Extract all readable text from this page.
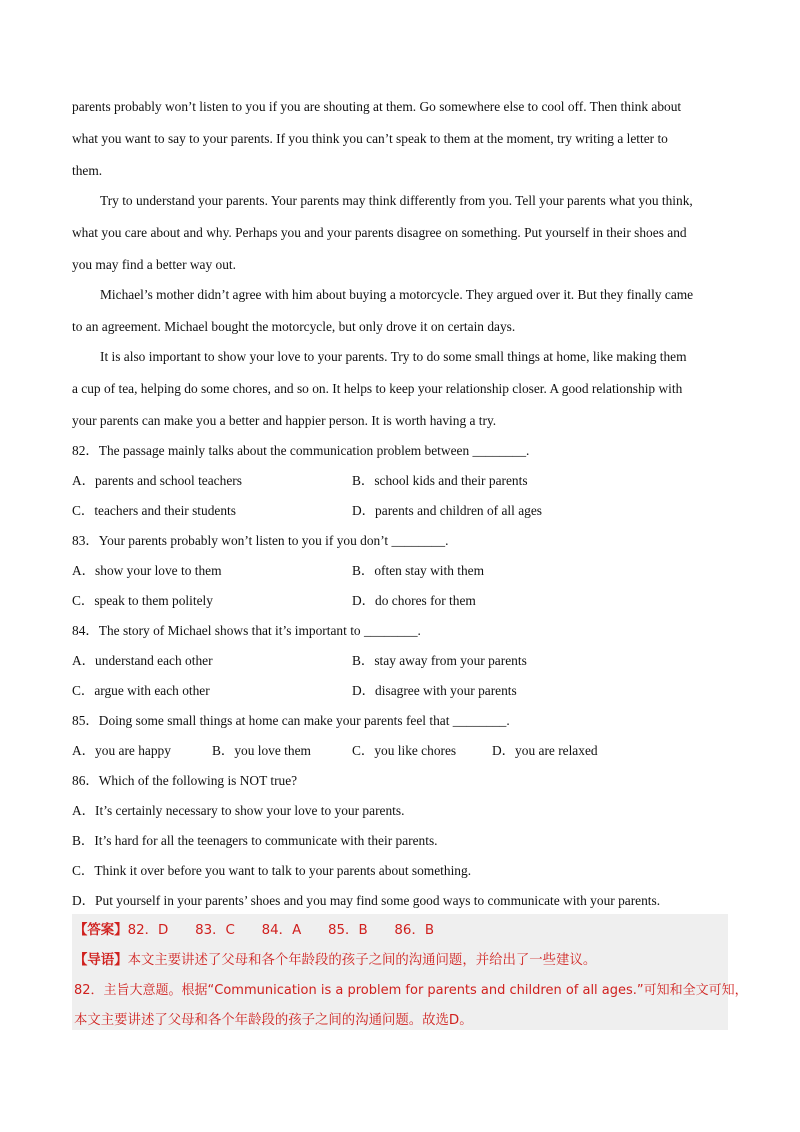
parents probably won’t listen to you if you are shouting at them. Go somewhere else to cool off. Then think about
what you want to say to your parents. If you think you can’t speak to them at the moment, try writing a letter to
them.
Try to understand your parents. Your parents may think differently from you. Tell your parents what you think,
what you care about and why. Perhaps you and your parents disagree on something. Put yourself in their shoes and
you may find a better way out.
Michael’s mother didn’t agree with him about buying a motorcycle. They argued over it. But they finally came
to an agreement. Michael bought the motorcycle, but only drove it on certain days.
It is also important to show your love to your parents. Try to do some small things at home, like making them
a cup of tea, helping do some chores, and so on. It helps to keep your relationship closer. A good relationship with
your parents can make you a better and happier person. It is worth having a try.
82．The passage mainly talks about the communication problem between ________.
A．parents and school teachers	B．school kids and their parents
C．teachers and their students	D．parents and children of all ages
83．Your parents probably won’t listen to you if you don’t ________.
A．show your love to them	B．often stay with them
C．speak to them politely	D．do chores for them
84．The story of Michael shows that it’s important to ________.
A．understand each other	B．stay away from your parents
C．argue with each other	D．disagree with your parents
85．Doing some small things at home can make your parents feel that ________.
A．you are happy	B．you love them	C．you like chores	D．you are relaxed
86．Which of the following is NOT true?
A．It’s certainly necessary to show your love to your parents.
B．It’s hard for all the teenagers to communicate with their parents.
C．Think it over before you want to talk to your parents about something.
D．Put yourself in your parents’ shoes and you may find some good ways to communicate with your parents.
【答案】82．D　　83．C　　84．A　　85．B　　86．B
【导语】本文主要讲述了父母和各个年龄段的孩子之间的沟通问题，并给出了一些建议。
82．主旨大意题。根据“Communication is a problem for parents and children of all ages.”可知和全文可知，
本文主要讲述了父母和各个年龄段的孩子之间的沟通问题。故选D。
